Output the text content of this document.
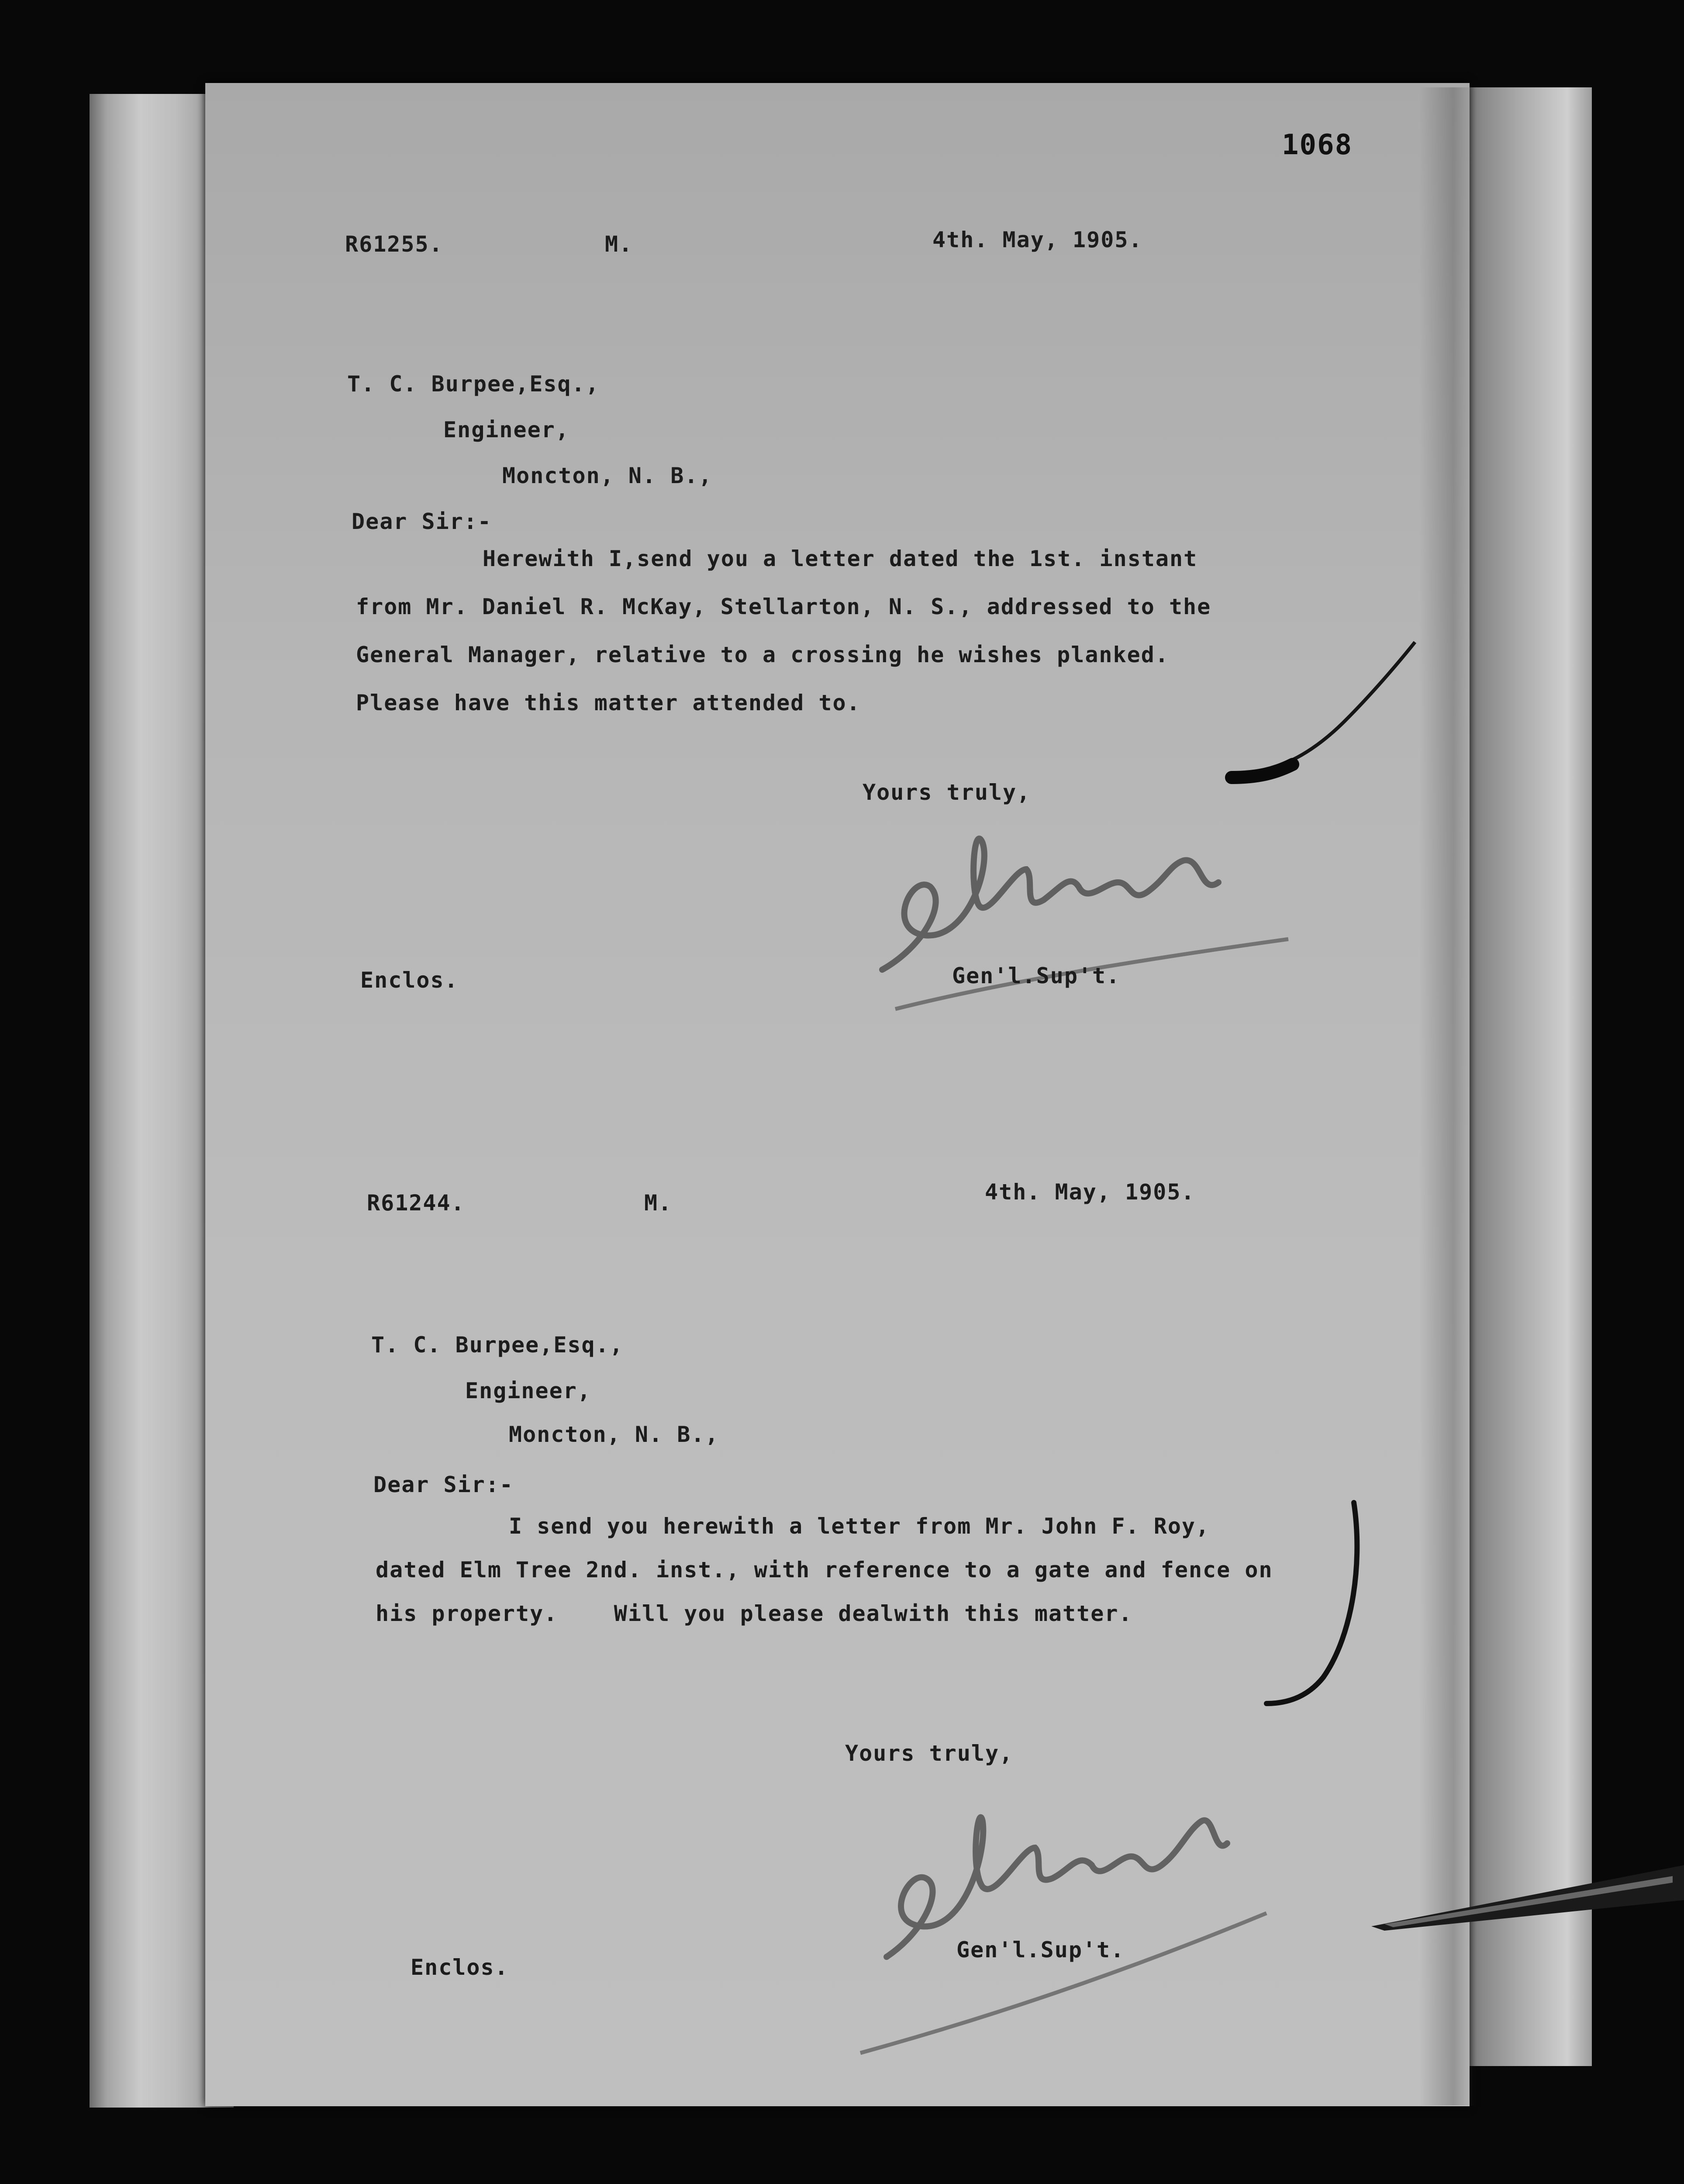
1068
R61255.	M.	4th. May, 1905.
T. C. Burpee,Esq.,
Engineer,
Moncton, N. B.,
Dear Sir:-
Herewith I,send you a letter dated the 1st. instant
from Mr. Daniel R. McKay, Stellarton, N. S., addressed to the
General Manager, relative to a crossing he wishes planked.
Please have this matter attended to.
Yours truly,
Gen'l.Sup't.
Enclos.
R61244.	M.	4th. May, 1905.
T. C. Burpee,Esq.,
Engineer,
Moncton, N. B.,
Dear Sir:-
I send you herewith a letter from Mr. John F. Roy,
dated Elm Tree 2nd. inst., with reference to a gate and fence on
his property.    Will you please dealwith this matter.
Yours truly,
Gen'l.Sup't.
Enclos.
